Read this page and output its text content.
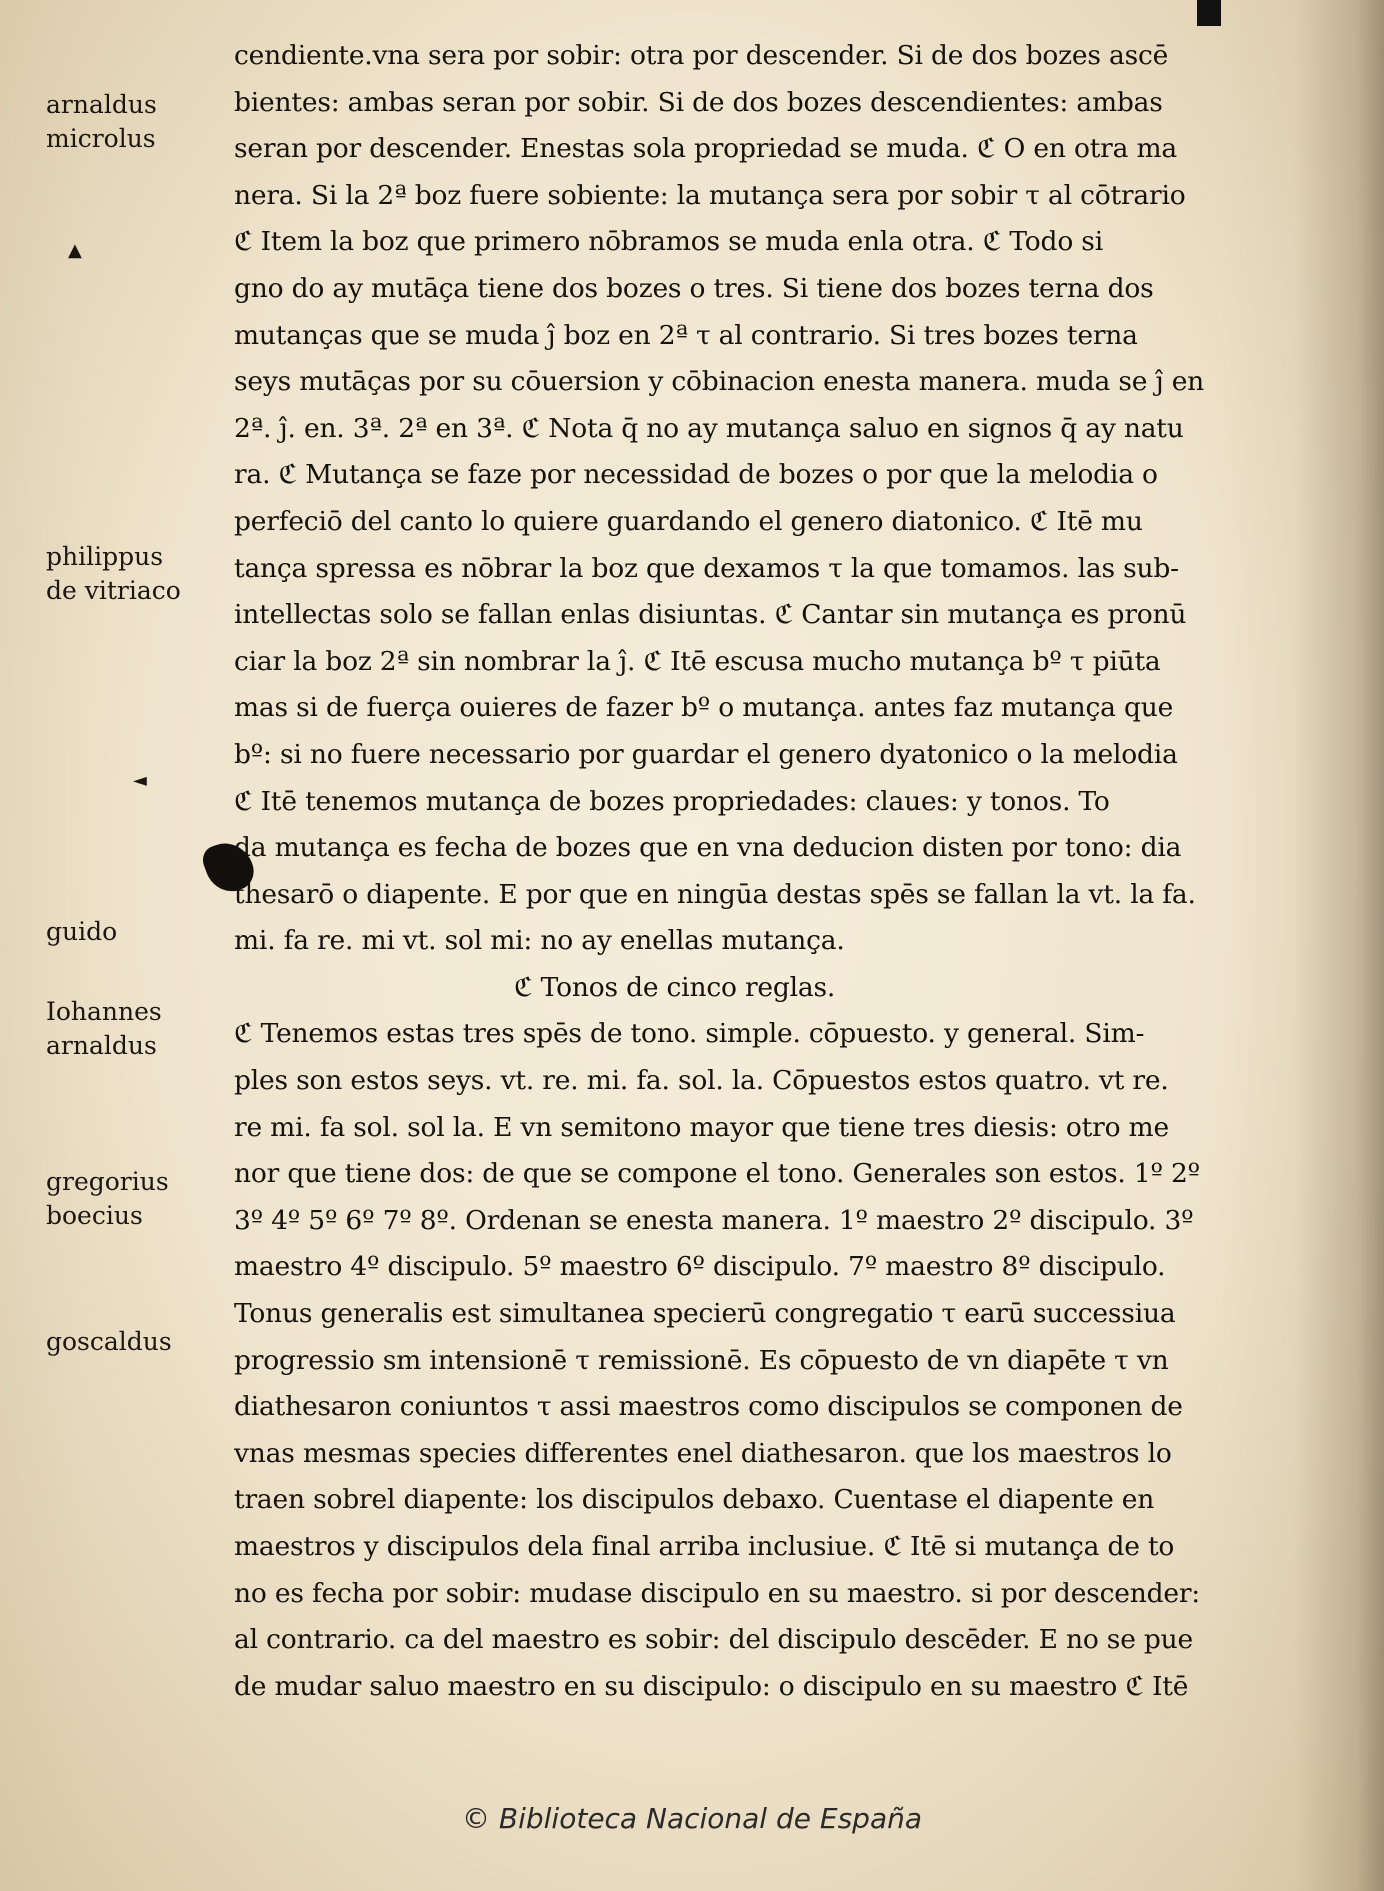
arnaldus
microlus
philippus
de vitriaco
guido
Iohannes
arnaldus
gregorius
boecius
goscaldus
▲
◄
cendiente.vna sera por sobir: otra por descender. Si de dos bozes ascē
bientes: ambas seran por sobir. Si de dos bozes descendientes: ambas
seran por descender. Enestas sola propriedad se muda. ℭ O en otra ma
nera. Si la 2ª boz fuere sobiente: la mutança sera por sobir τ al cōtrario
ℭ Item la boz que primero nōbramos se muda enla otra. ℭ Todo si
gno do ay mutāça tiene dos bozes o tres. Si tiene dos bozes terna dos
mutanças que se muda ĵ boz en 2ª τ al contrario. Si tres bozes terna
seys mutāças por su cōuersion y cōbinacion enesta manera. muda se ĵ en
2ª. ĵ. en. 3ª. 2ª en 3ª. ℭ Nota q̄ no ay mutança saluo en signos q̄ ay natu
ra. ℭ Mutança se faze por necessidad de bozes o por que la melodia o
perfeciō del canto lo quiere guardando el genero diatonico. ℭ Itē mu
tança spressa es nōbrar la boz que dexamos τ la que tomamos. las sub-
intellectas solo se fallan enlas disiuntas. ℭ Cantar sin mutança es pronū
ciar la boz 2ª sin nombrar la ĵ. ℭ Itē escusa mucho mutança bº τ piūta
mas si de fuerça ouieres de fazer bº o mutança. antes faz mutança que
bº: si no fuere necessario por guardar el genero dyatonico o la melodia
ℭ Itē tenemos mutança de bozes propriedades: claues: y tonos. To
da mutança es fecha de bozes que en vna deducion disten por tono: dia
thesarō o diapente. E por que en ningūa destas spēs se fallan la vt. la fa.
mi. fa re. mi vt. sol mi: no ay enellas mutança.
ℭ Tonos de cinco reglas.
ℭ Tenemos estas tres spēs de tono. simple. cōpuesto. y general. Sim-
ples son estos seys. vt. re. mi. fa. sol. la. Cōpuestos estos quatro. vt re.
re mi. fa sol. sol la. E vn semitono mayor que tiene tres diesis: otro me
nor que tiene dos: de que se compone el tono. Generales son estos. 1º 2º
3º 4º 5º 6º 7º 8º. Ordenan se enesta manera. 1º maestro 2º discipulo. 3º
maestro 4º discipulo. 5º maestro 6º discipulo. 7º maestro 8º discipulo.
Tonus generalis est simultanea specierū congregatio τ earū successiua
progressio sm intensionē τ remissionē. Es cōpuesto de vn diapēte τ vn
diathesaron coniuntos τ assi maestros como discipulos se componen de
vnas mesmas species differentes enel diathesaron. que los maestros lo
traen sobrel diapente: los discipulos debaxo. Cuentase el diapente en
maestros y discipulos dela final arriba inclusiue. ℭ Itē si mutança de to
no es fecha por sobir: mudase discipulo en su maestro. si por descender:
al contrario. ca del maestro es sobir: del discipulo descēder. E no se pue
de mudar saluo maestro en su discipulo: o discipulo en su maestro ℭ Itē
© Biblioteca Nacional de España
